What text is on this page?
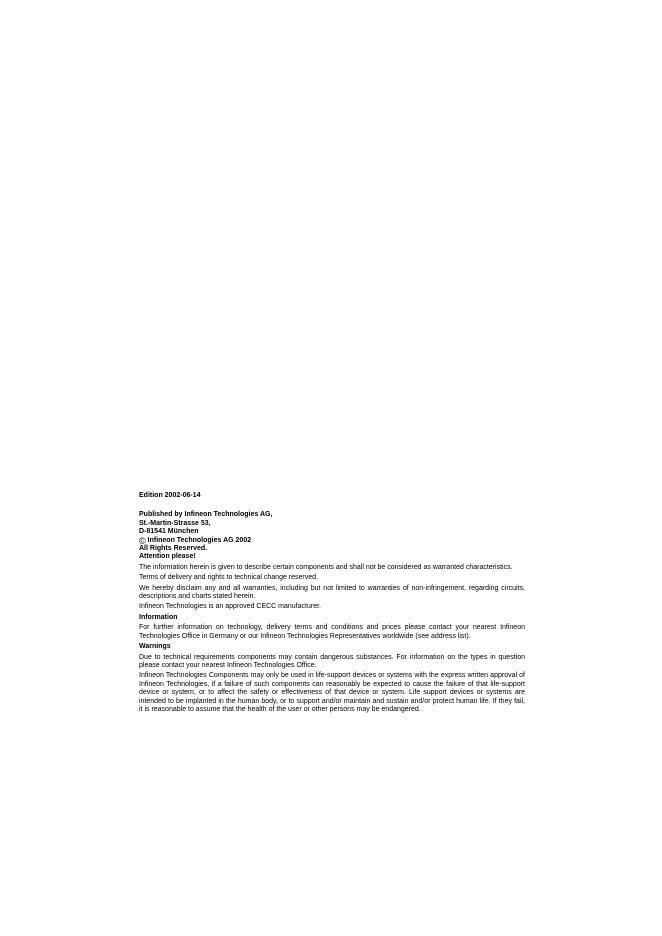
Edition 2002-06-14

Published by Infineon Technologies AG,

St.-Martin-Strasse 53,

D-81541 München

© Infineon Technologies AG 2002

All Rights Reserved.

Attention please!

The information herein is given to describe certain components and shall not be considered as warranted characteristics.

Terms of delivery and rights to technical change reserved.

We hereby disclaim any and all warranties, including but not limited to warranties of non-infringement, regarding circuits, descriptions and charts stated herein.

Infineon Technologies is an approved CECC manufacturer.

Information

For further information on technology, delivery terms and conditions and prices please contact your nearest Infineon Technologies Office in Germany or our Infineon Technologies Representatives worldwide (see address list).

Warnings

Due to technical requirements components may contain dangerous substances. For information on the types in question please contact your nearest Infineon Technologies Office.

Infineon Technologies Components may only be used in life-support devices or systems with the express written approval of Infineon Technologies, if a failure of such components can reasonably be expected to cause the failure of that life-support device or system, or to affect the safety or effectiveness of that device or system. Life support devices or systems are intended to be implanted in the human body, or to support and/or maintain and sustain and/or protect human life. If they fail, it is reasonable to assume that the health of the user or other persons may be endangered.
